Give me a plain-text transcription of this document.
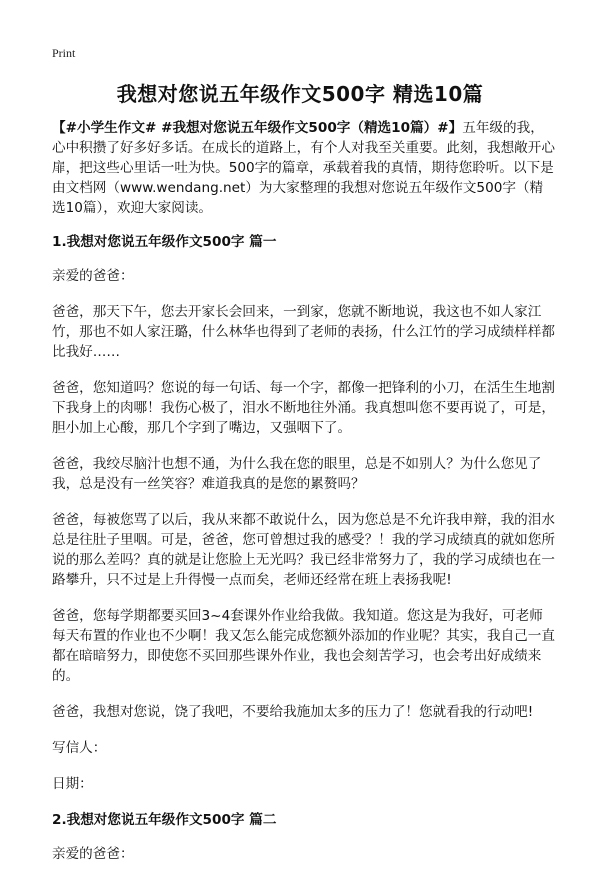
Print
我想对您说五年级作文500字 精选10篇

【#小学生作文# #我想对您说五年级作文500字（精选10篇）#】五年级的我，心中积攒了好多好多话。在成长的道路上，有个人对我至关重要。此刻，我想敞开心扉，把这些心里话一吐为快。500字的篇章，承载着我的真情，期待您聆听。以下是由文档网（www.wendang.net）为大家整理的我想对您说五年级作文500字（精选10篇），欢迎大家阅读。

1.我想对您说五年级作文500字 篇一

亲爱的爸爸：

爸爸，那天下午，您去开家长会回来，一到家，您就不断地说，我这也不如人家江竹，那也不如人家汪璐，什么林华也得到了老师的表扬，什么江竹的学习成绩样样都比我好……

爸爸，您知道吗？您说的每一句话、每一个字，都像一把锋利的小刀，在活生生地割下我身上的肉哪！我伤心极了，泪水不断地往外涌。我真想叫您不要再说了，可是，胆小加上心酸，那几个字到了嘴边，又强咽下了。

爸爸，我绞尽脑汁也想不通，为什么我在您的眼里，总是不如别人？为什么您见了我，总是没有一丝笑容？难道我真的是您的累赘吗？

爸爸，每被您骂了以后，我从来都不敢说什么，因为您总是不允许我申辩，我的泪水总是往肚子里咽。可是，爸爸，您可曾想过我的感受？！我的学习成绩真的就如您所说的那么差吗？真的就是让您脸上无光吗？我已经非常努力了，我的学习成绩也在一路攀升，只不过是上升得慢一点而矣，老师还经常在班上表扬我呢!

爸爸，您每学期都要买回3~4套课外作业给我做。我知道。您这是为我好，可老师每天布置的作业也不少啊！我又怎么能完成您额外添加的作业呢？其实，我自己一直都在暗暗努力，即使您不买回那些课外作业，我也会刻苦学习，也会考出好成绩来的。

爸爸，我想对您说，饶了我吧，不要给我施加太多的压力了！您就看我的行动吧!

写信人：

日期：

2.我想对您说五年级作文500字 篇二

亲爱的爸爸：
